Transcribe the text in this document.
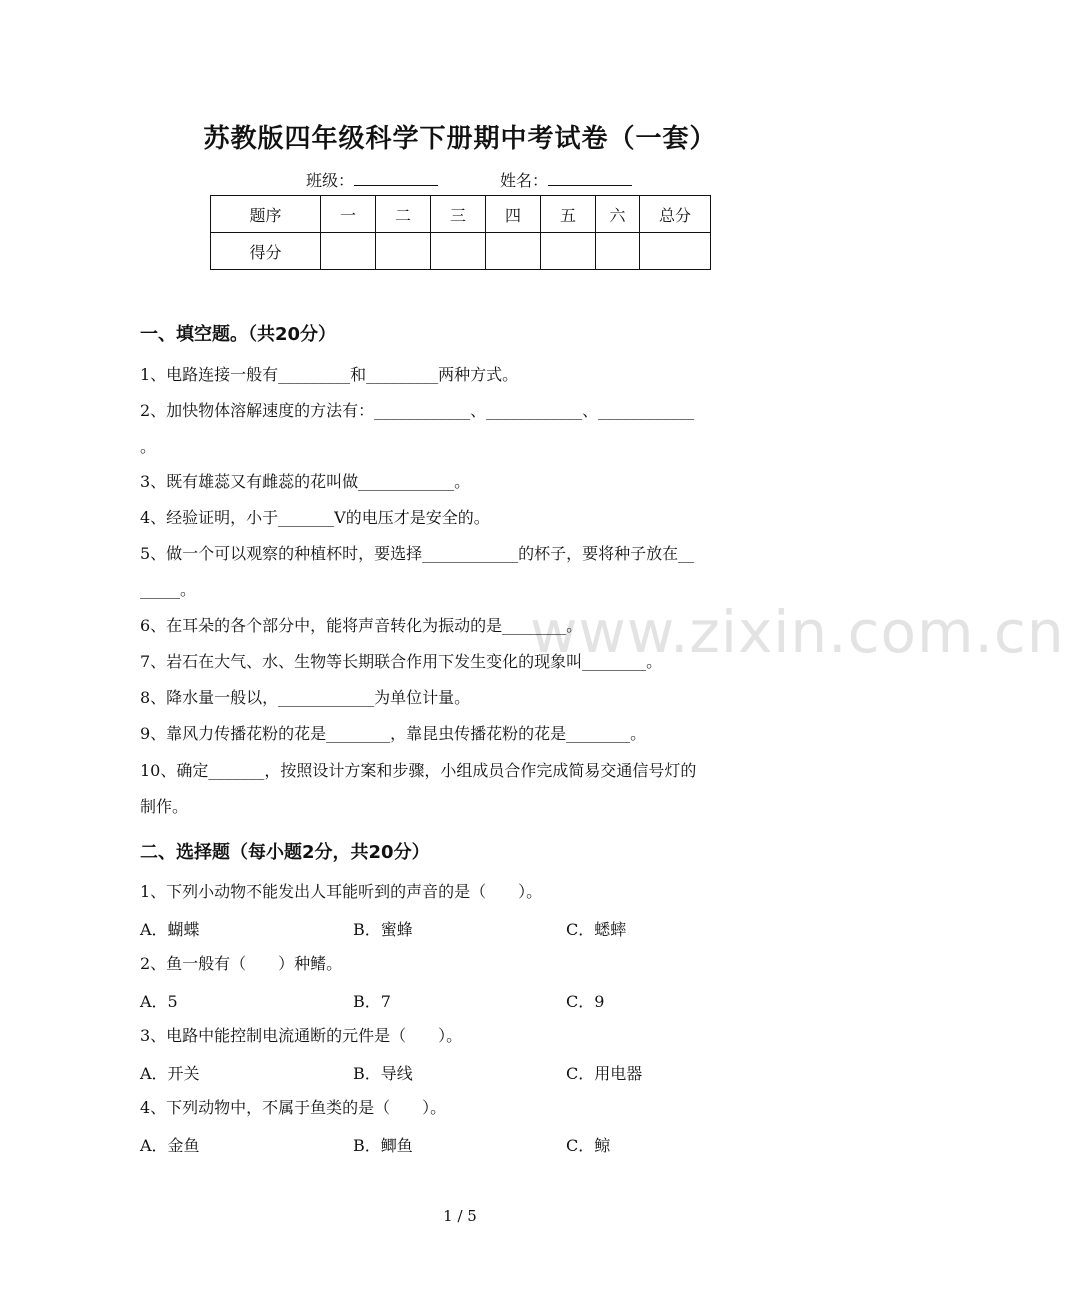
www.zixin.com.cn
苏教版四年级科学下册期中考试卷（一套）
班级：	姓名：
题序	一	二	三	四	五	六	总分
得分							
一、填空题。（共20分）
1、电路连接一般有_________和_________两种方式。
2、加快物体溶解速度的方法有：____________、____________、____________
。
3、既有雄蕊又有雌蕊的花叫做____________。
4、经验证明，小于_______V的电压才是安全的。
5、做一个可以观察的种植杯时，要选择____________的杯子，要将种子放在__
_____。
6、在耳朵的各个部分中，能将声音转化为振动的是________。
7、岩石在大气、水、生物等长期联合作用下发生变化的现象叫________。
8、降水量一般以，____________为单位计量。
9、靠风力传播花粉的花是________，靠昆虫传播花粉的花是________。
10、确定_______，按照设计方案和步骤，小组成员合作完成简易交通信号灯的
制作。
二、选择题（每小题2分，共20分）
1、下列小动物不能发出人耳能听到的声音的是（　　）。
A．蝴蝶	B．蜜蜂	C．蟋蟀
2、鱼一般有（　　）种鳍。
A．5	B．7	C．9
3、电路中能控制电流通断的元件是（　　）。
A．开关	B．导线	C．用电器
4、下列动物中，不属于鱼类的是（　　）。
A．金鱼	B．鲫鱼	C．鲸
1 / 5
